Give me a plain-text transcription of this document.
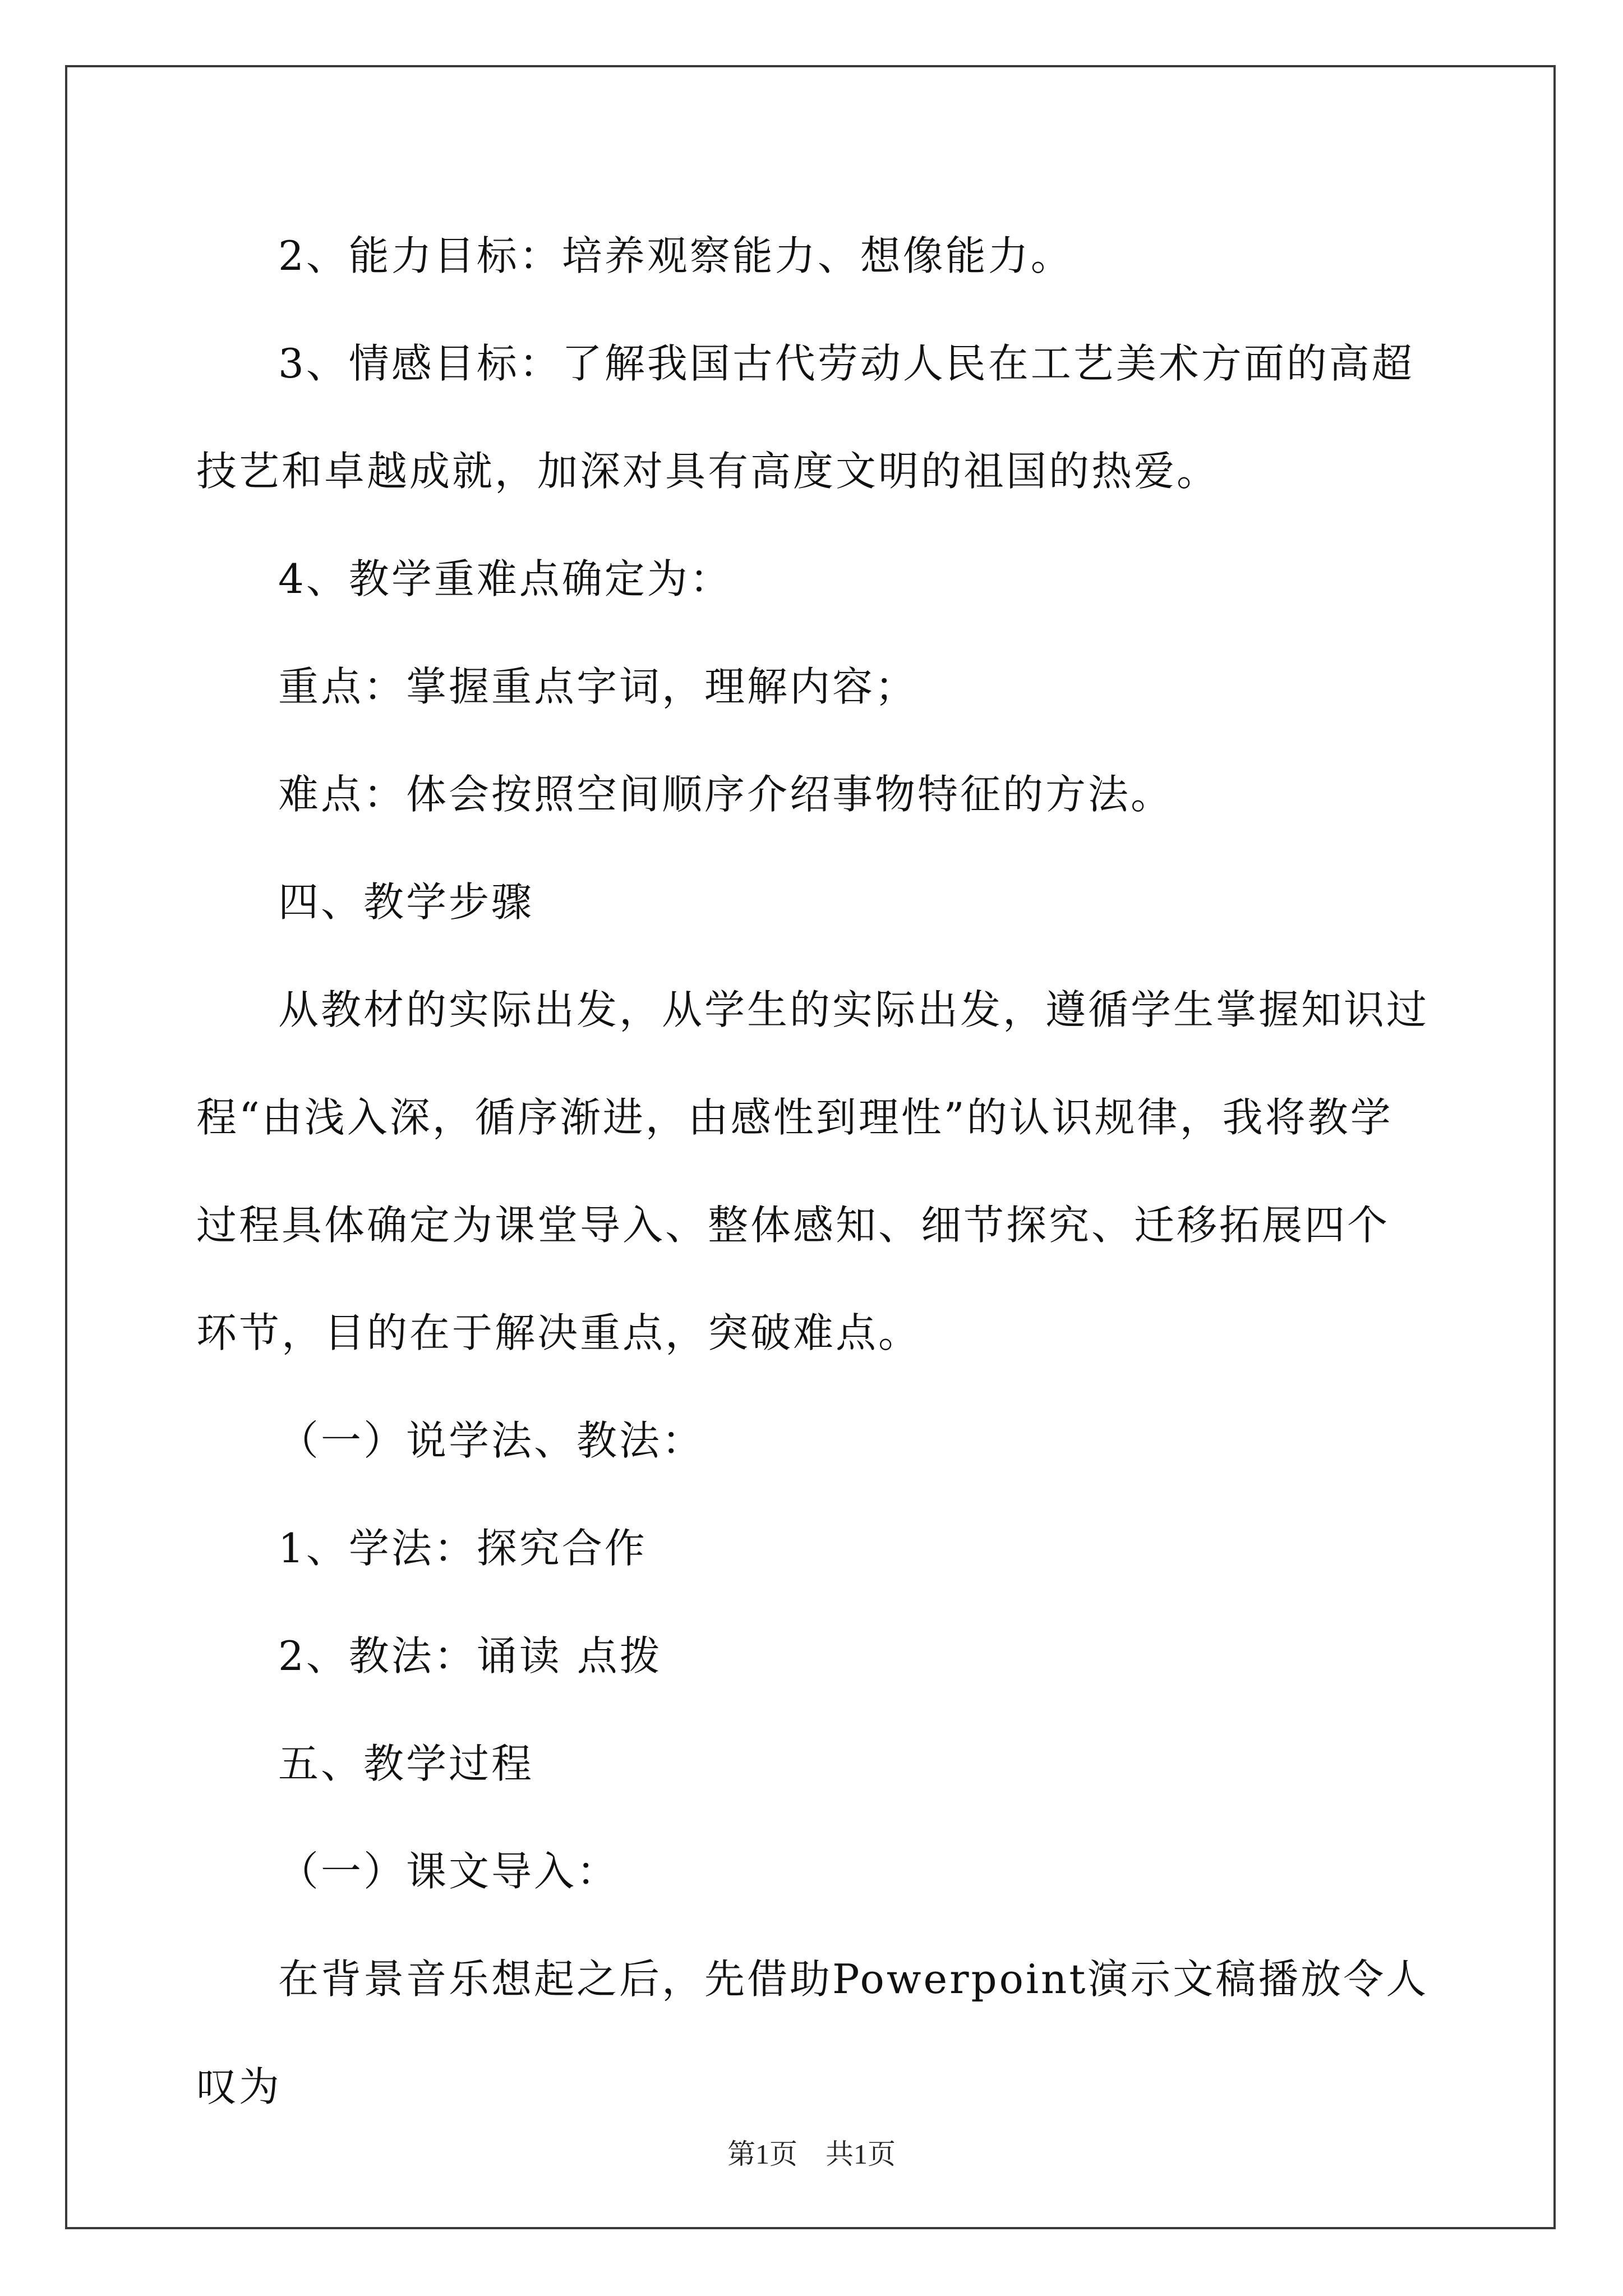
2、能力目标：培养观察能力、想像能力。

3、情感目标：了解我国古代劳动人民在工艺美术方面的高超技艺和卓越成就，加深对具有高度文明的祖国的热爱。

4、教学重难点确定为：

重点：掌握重点字词，理解内容；

难点：体会按照空间顺序介绍事物特征的方法。

四、教学步骤

从教材的实际出发，从学生的实际出发，遵循学生掌握知识过程“由浅入深，循序渐进，由感性到理性”的认识规律，我将教学过程具体确定为课堂导入、整体感知、细节探究、迁移拓展四个环节，目的在于解决重点，突破难点。

（一）说学法、教法：

1、学法：探究合作

2、教法：诵读 点拨

五、教学过程

（一）课文导入：

在背景音乐想起之后，先借助Powerpoint演示文稿播放令人叹为

第1页　共1页
